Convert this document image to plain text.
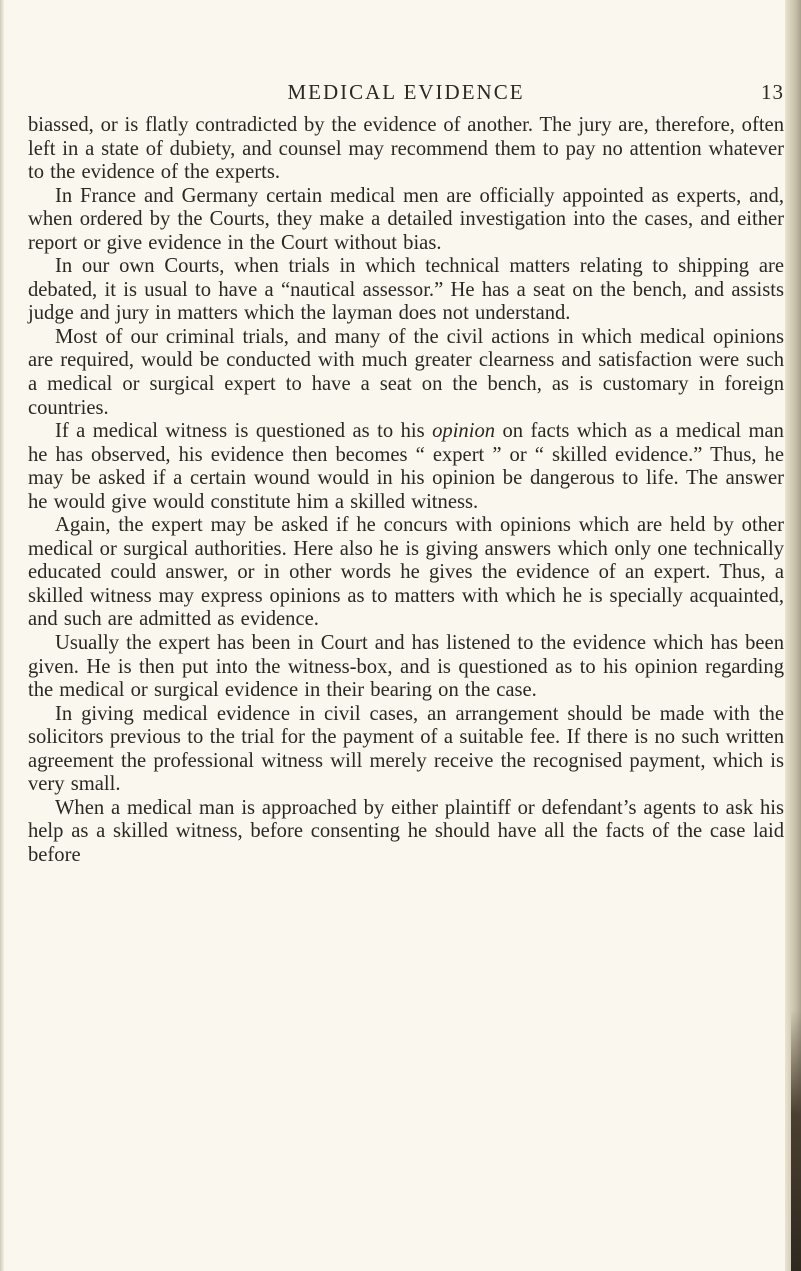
MEDICAL EVIDENCE	13

biassed, or is flatly contradicted by the evidence of another. The jury are, therefore, often left in a state of dubiety, and counsel may recommend them to pay no attention whatever to the evidence of the experts.

In France and Germany certain medical men are officially appointed as experts, and, when ordered by the Courts, they make a detailed investigation into the cases, and either report or give evidence in the Court without bias.

In our own Courts, when trials in which technical matters relating to shipping are debated, it is usual to have a “nautical assessor.” He has a seat on the bench, and assists judge and jury in matters which the layman does not understand.

Most of our criminal trials, and many of the civil actions in which medical opinions are required, would be conducted with much greater clearness and satisfaction were such a medical or surgical expert to have a seat on the bench, as is customary in foreign countries.

If a medical witness is questioned as to his opinion on facts which as a medical man he has observed, his evidence then becomes “ expert ” or “ skilled evidence.” Thus, he may be asked if a certain wound would in his opinion be dangerous to life. The answer he would give would constitute him a skilled witness.

Again, the expert may be asked if he concurs with opinions which are held by other medical or surgical authorities. Here also he is giving answers which only one technically educated could answer, or in other words he gives the evidence of an expert. Thus, a skilled witness may express opinions as to matters with which he is specially acquainted, and such are admitted as evidence.

Usually the expert has been in Court and has listened to the evidence which has been given. He is then put into the witness-box, and is questioned as to his opinion regarding the medical or surgical evidence in their bearing on the case.

In giving medical evidence in civil cases, an arrangement should be made with the solicitors previous to the trial for the payment of a suitable fee. If there is no such written agreement the professional witness will merely receive the recognised payment, which is very small.

When a medical man is approached by either plaintiff or defendant’s agents to ask his help as a skilled witness, before consenting he should have all the facts of the case laid before
